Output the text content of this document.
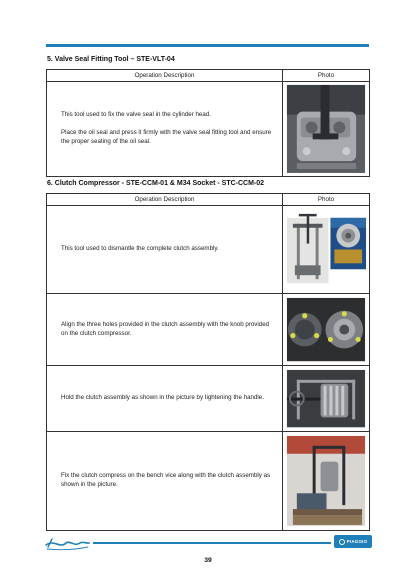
5. Valve Seal Fitting Tool – STE-VLT-04
Operation Description	Photo

This tool used to fix the valve seal in the cylinder head.
Place the oil seal and press it firmly with the valve seal fitting tool and ensure the proper seating of the oil seal.

6. Clutch Compressor - STE-CCM-01 & M34 Socket - STC-CCM-02
Operation Description	Photo
This tool used to dismantle the complete clutch assembly.	

Align the three holes provided in the clutch assembly with the knob provided on the clutch compressor.	

Hold the clutch assembly as shown in the picture by tightening the handle.	

Fix the clutch compress on the bench vice along with the clutch assembly as shown in the picture.	
PIAGGIO
39
